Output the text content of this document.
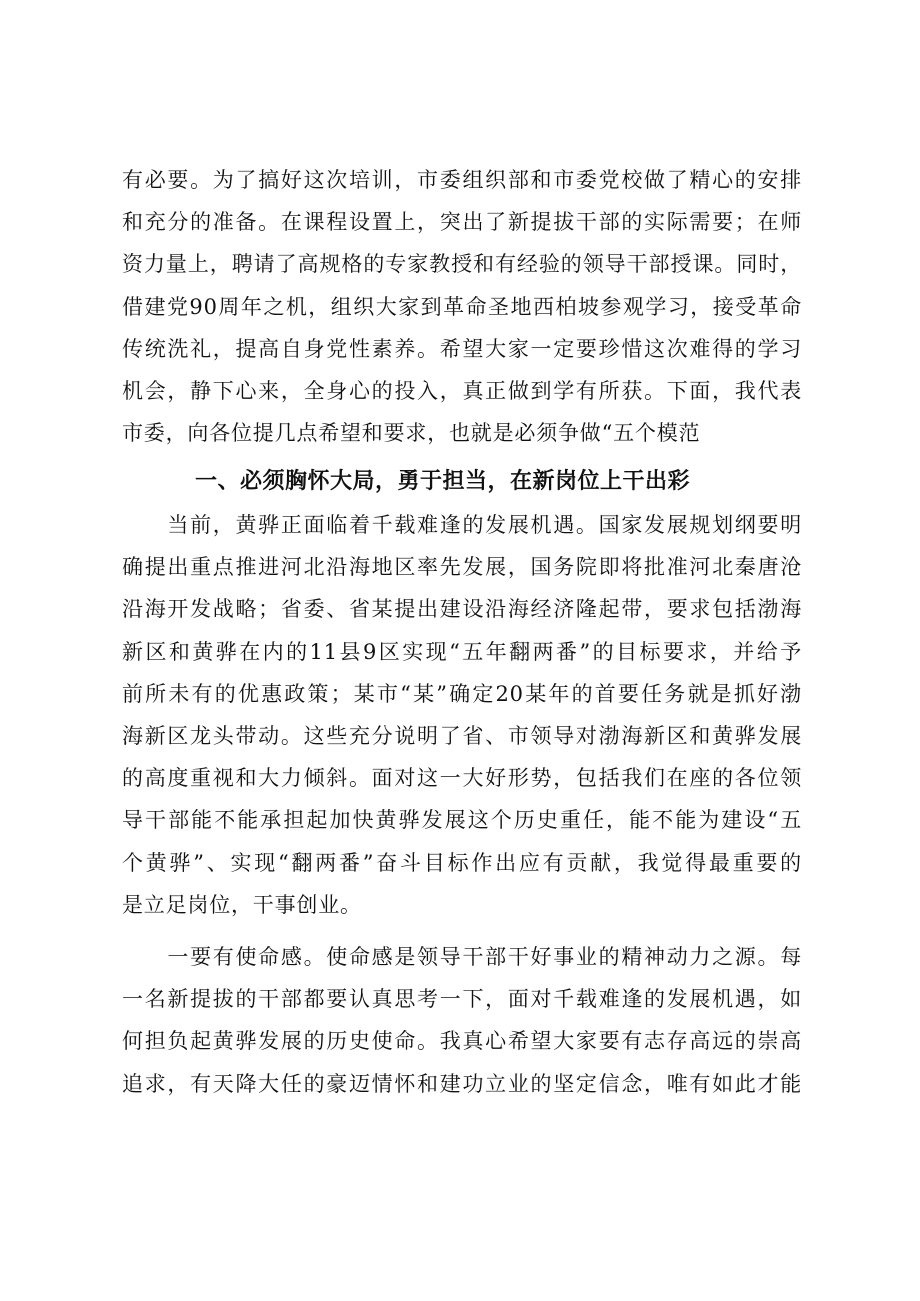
有必要。为了搞好这次培训，市委组织部和市委党校做了精心的安排
和充分的准备。在课程设置上，突出了新提拔干部的实际需要；在师
资力量上，聘请了高规格的专家教授和有经验的领导干部授课。同时，
借建党90周年之机，组织大家到革命圣地西柏坡参观学习，接受革命
传统洗礼，提高自身党性素养。希望大家一定要珍惜这次难得的学习
机会，静下心来，全身心的投入，真正做到学有所获。下面，我代表
市委，向各位提几点希望和要求，也就是必须争做“五个模范
一、必须胸怀大局，勇于担当，在新岗位上干出彩
　　当前，黄骅正面临着千载难逢的发展机遇。国家发展规划纲要明
确提出重点推进河北沿海地区率先发展，国务院即将批准河北秦唐沧
沿海开发战略；省委、省某提出建设沿海经济隆起带，要求包括渤海
新区和黄骅在内的11县9区实现“五年翻两番”的目标要求，并给予
前所未有的优惠政策；某市“某”确定20某年的首要任务就是抓好渤
海新区龙头带动。这些充分说明了省、市领导对渤海新区和黄骅发展
的高度重视和大力倾斜。面对这一大好形势，包括我们在座的各位领
导干部能不能承担起加快黄骅发展这个历史重任，能不能为建设“五
个黄骅”、实现“翻两番”奋斗目标作出应有贡献，我觉得最重要的
是立足岗位，干事创业。
　　一要有使命感。使命感是领导干部干好事业的精神动力之源。每
一名新提拔的干部都要认真思考一下，面对千载难逢的发展机遇，如
何担负起黄骅发展的历史使命。我真心希望大家要有志存高远的崇高
追求，有天降大任的豪迈情怀和建功立业的坚定信念，唯有如此才能
